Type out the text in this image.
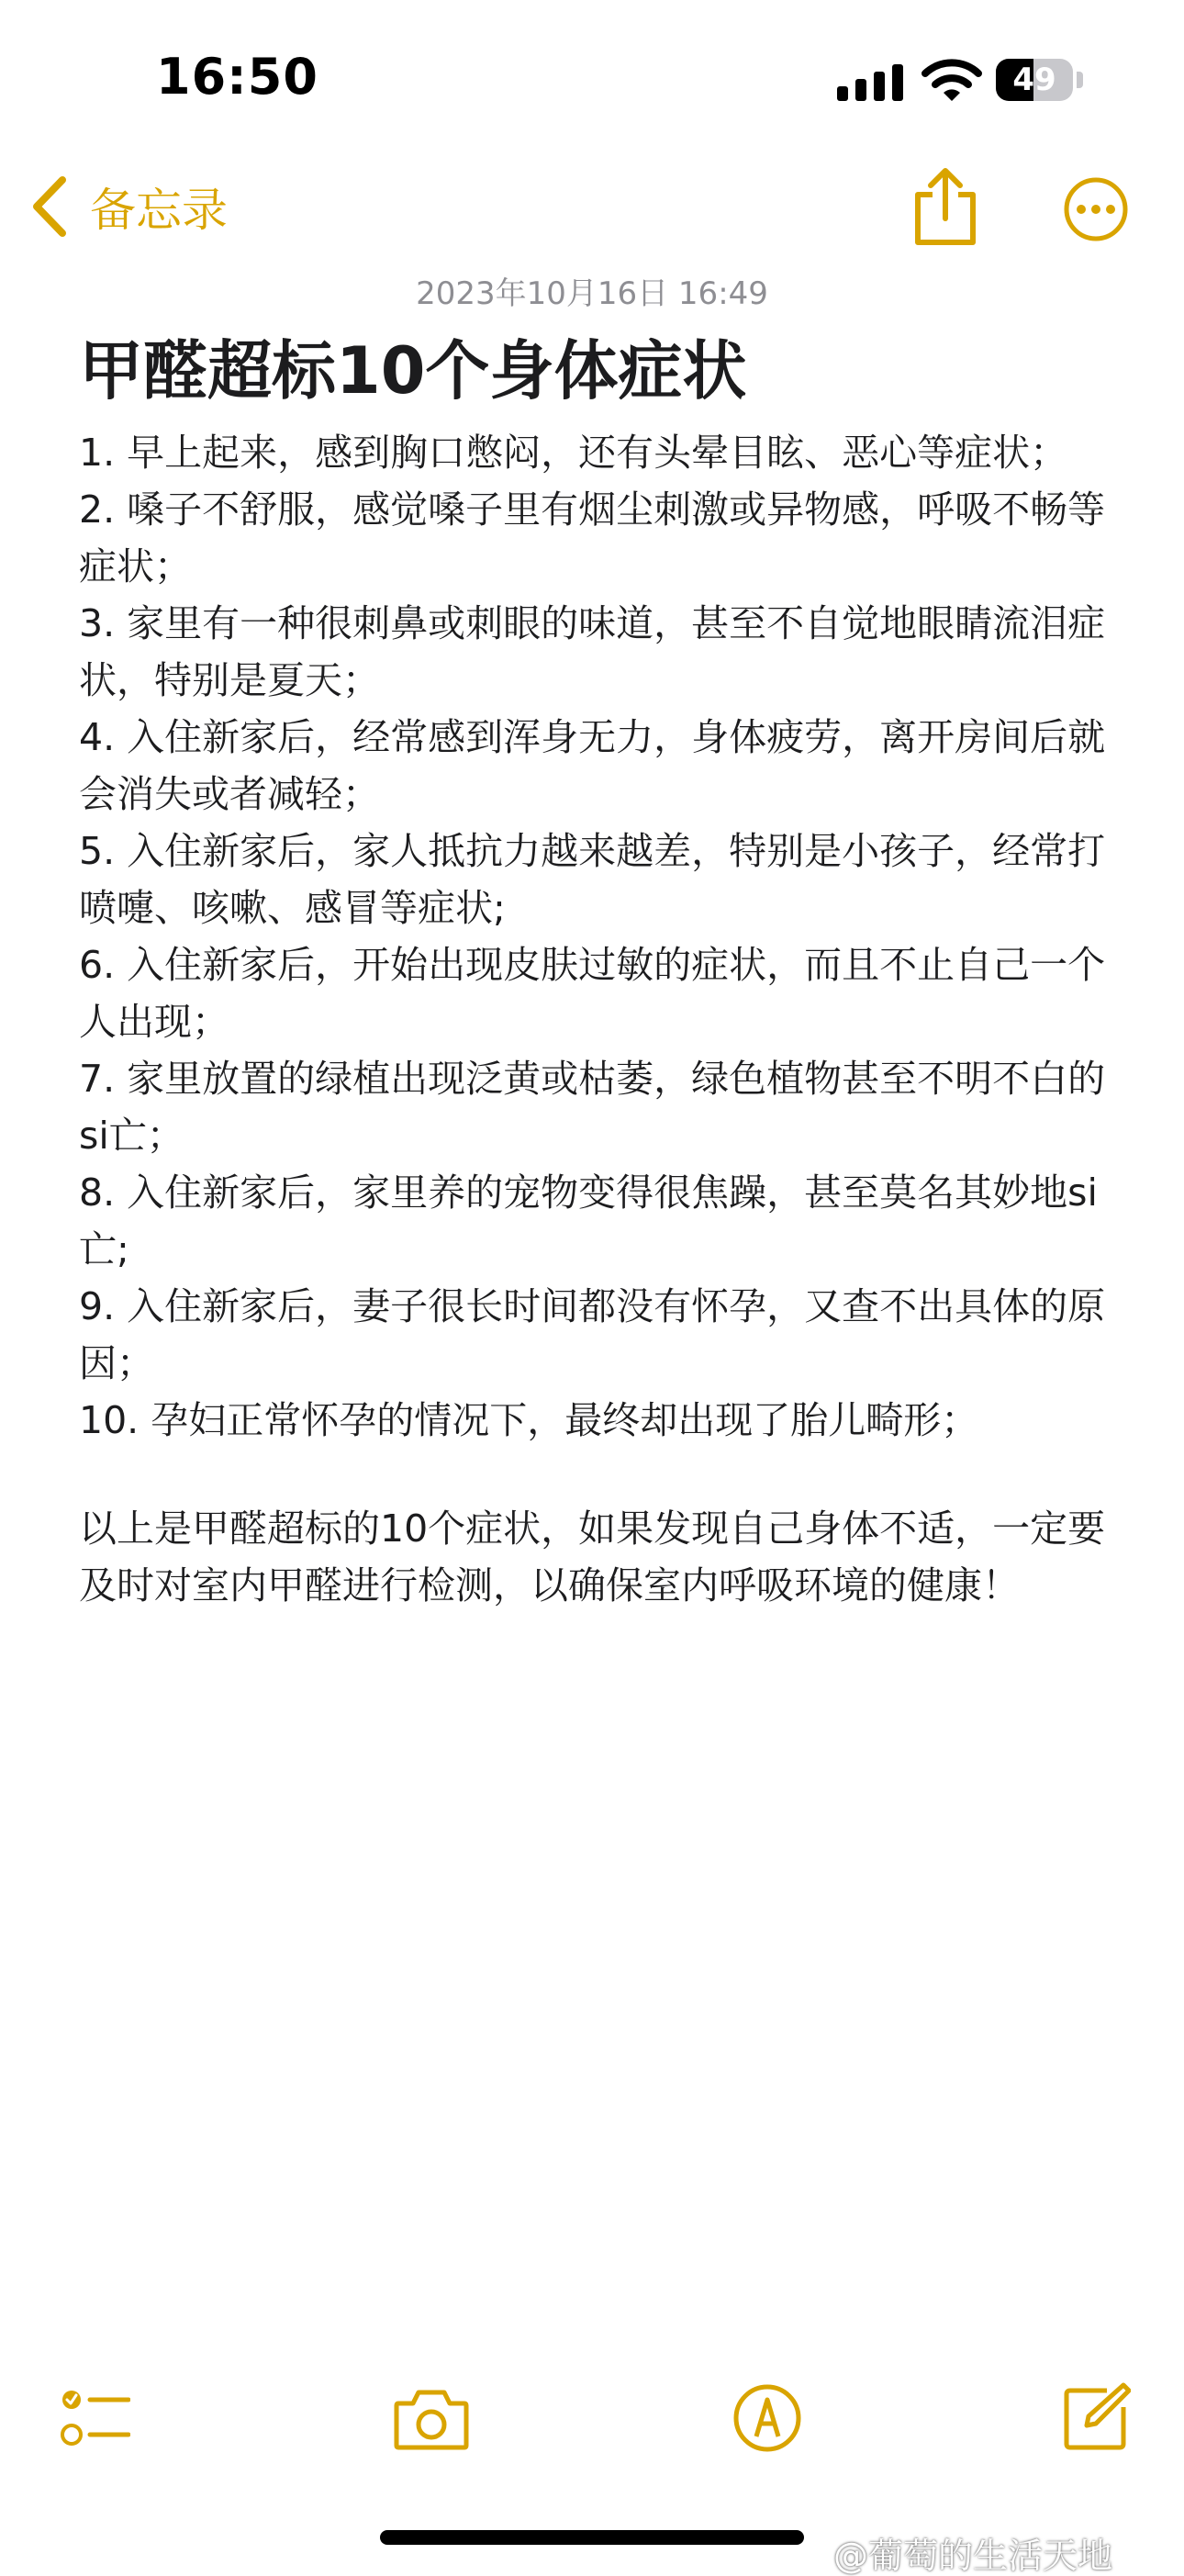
16:50	49
备忘录
2023年10月16日 16:49
甲醛超标10个身体症状

1. 早上起来，感到胸口憋闷，还有头晕目眩、恶心等症状；

2. 嗓子不舒服，感觉嗓子里有烟尘刺激或异物感，呼吸不畅等症状；

3. 家里有一种很刺鼻或刺眼的味道，甚至不自觉地眼睛流泪症状，特别是夏天；

4. 入住新家后，经常感到浑身无力，身体疲劳，离开房间后就会消失或者减轻；

5. 入住新家后，家人抵抗力越来越差，特别是小孩子，经常打喷嚏、咳嗽、感冒等症状;

6. 入住新家后，开始出现皮肤过敏的症状，而且不止自己一个人出现；

7. 家里放置的绿植出现泛黄或枯萎，绿色植物甚至不明不白的si亡；

8. 入住新家后，家里养的宠物变得很焦躁，甚至莫名其妙地si亡;

9. 入住新家后，妻子很长时间都没有怀孕，又查不出具体的原因；

10. 孕妇正常怀孕的情况下，最终却出现了胎儿畸形；

以上是甲醛超标的10个症状，如果发现自己身体不适，一定要及时对室内甲醛进行检测，以确保室内呼吸环境的健康！

@葡萄的生活天地
